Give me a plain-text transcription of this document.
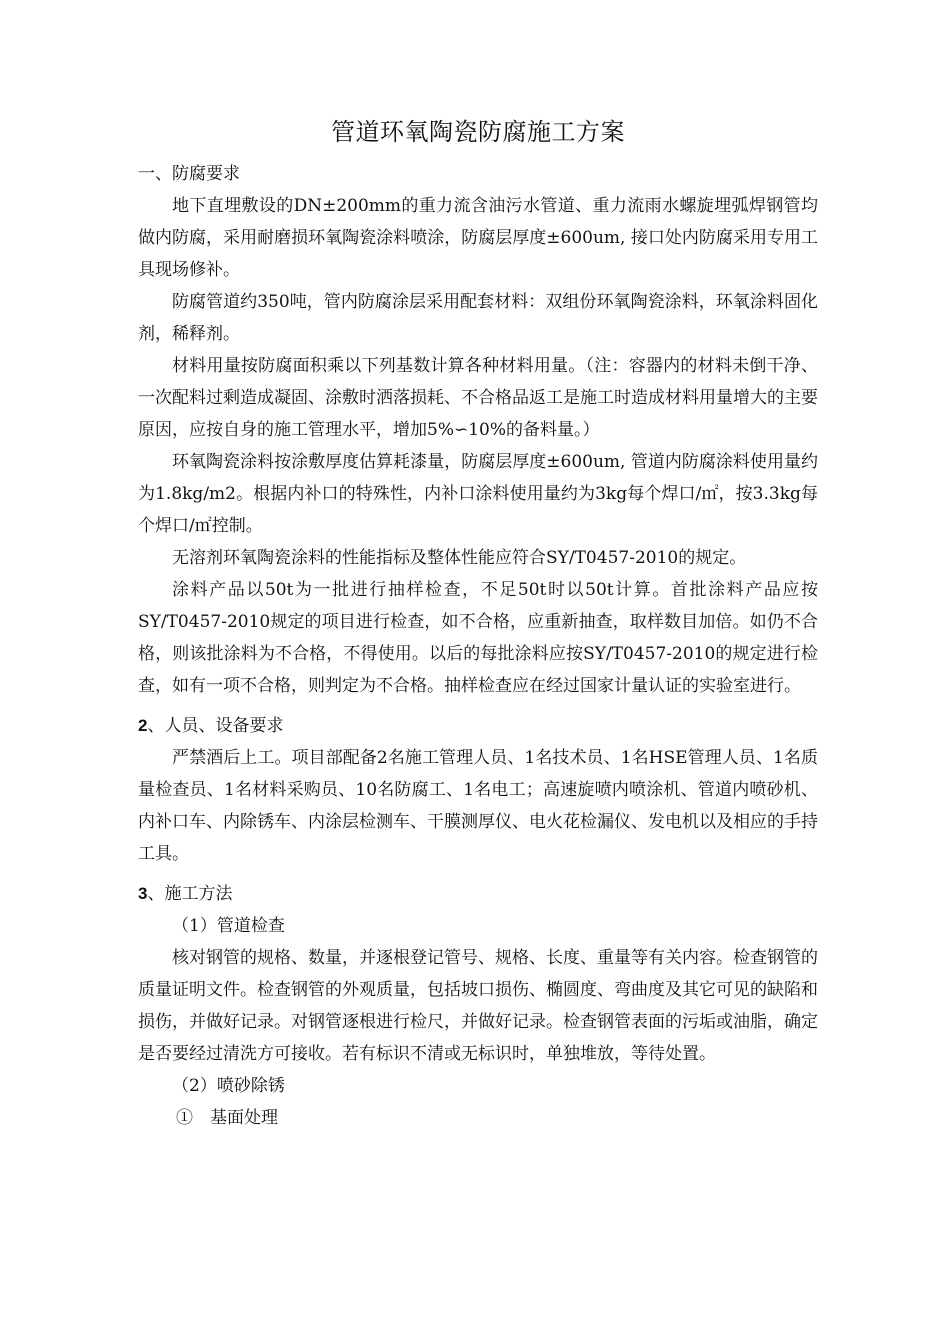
管道环氧陶瓷防腐施工方案

一、防腐要求

地下直埋敷设的DN±200mm的重力流含油污水管道、重力流雨水螺旋埋弧焊钢管均做内防腐，采用耐磨损环氧陶瓷涂料喷涂，防腐层厚度±600um, 接口处内防腐采用专用工具现场修补。

防腐管道约350吨，管内防腐涂层采用配套材料：双组份环氧陶瓷涂料，环氧涂料固化剂，稀释剂。

材料用量按防腐面积乘以下列基数计算各种材料用量。（注：容器内的材料未倒干净、一次配料过剩造成凝固、涂敷时洒落损耗、不合格品返工是施工时造成材料用量增大的主要原因，应按自身的施工管理水平，增加5%∽10%的备料量。）

环氧陶瓷涂料按涂敷厚度估算耗漆量，防腐层厚度±600um, 管道内防腐涂料使用量约为1.8kg/m2。根据内补口的特殊性，内补口涂料使用量约为3kg每个焊口/㎡，按3.3kg每个焊口/㎡控制。

无溶剂环氧陶瓷涂料的性能指标及整体性能应符合SY/T0457-2010的规定。

涂料产品以50t为一批进行抽样检查，不足50t时以50t计算。首批涂料产品应按SY/T0457-2010规定的项目进行检查，如不合格，应重新抽查，取样数目加倍。如仍不合格，则该批涂料为不合格，不得使用。以后的每批涂料应按SY/T0457-2010的规定进行检查，如有一项不合格，则判定为不合格。抽样检查应在经过国家计量认证的实验室进行。

2、人员、设备要求

严禁酒后上工。项目部配备2名施工管理人员、1名技术员、1名HSE管理人员、1名质量检查员、1名材料采购员、10名防腐工、1名电工；高速旋喷内喷涂机、管道内喷砂机、内补口车、内除锈车、内涂层检测车、干膜测厚仪、电火花检漏仪、发电机以及相应的手持工具。

3、施工方法

（1）管道检查

核对钢管的规格、数量，并逐根登记管号、规格、长度、重量等有关内容。检查钢管的质量证明文件。检查钢管的外观质量，包括坡口损伤、椭圆度、弯曲度及其它可见的缺陷和损伤，并做好记录。对钢管逐根进行检尺，并做好记录。检查钢管表面的污垢或油脂，确定是否要经过清洗方可接收。若有标识不清或无标识时，单独堆放，等待处置。

（2）喷砂除锈

①　基面处理
